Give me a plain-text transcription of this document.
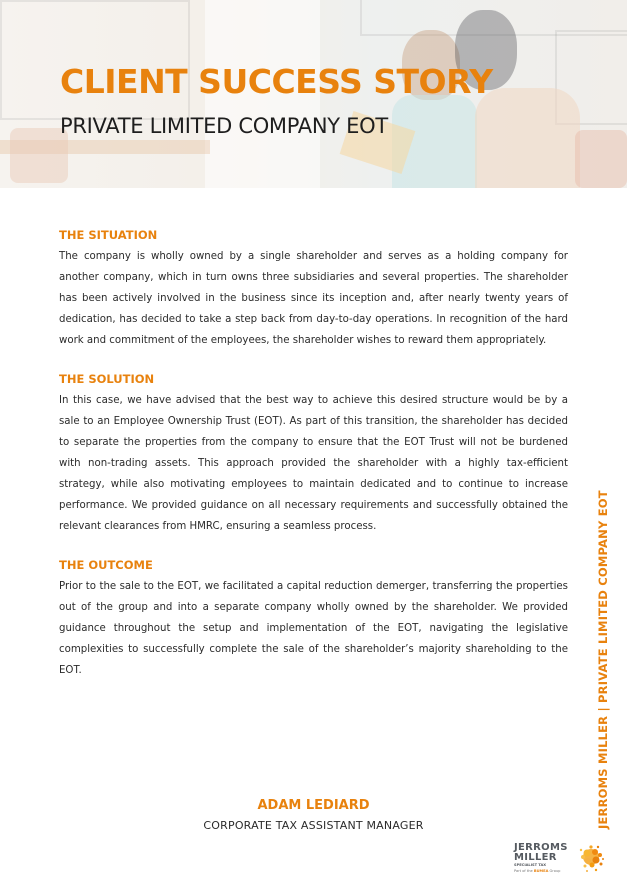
CLIENT SUCCESS STORY
PRIVATE LIMITED COMPANY EOT
THE SITUATION

The company is wholly owned by a single shareholder and serves as a holding company for another company, which in turn owns three subsidiaries and several properties. The shareholder has been actively involved in the business since its inception and, after nearly twenty years of dedication, has decided to take a step back from day-to-day operations. In recognition of the hard work and commitment of the employees, the shareholder wishes to reward them appropriately.

THE SOLUTION

In this case, we have advised that the best way to achieve this desired structure would be by a sale to an Employee Ownership Trust (EOT). As part of this transition, the shareholder has decided to separate the properties from the company to ensure that the EOT Trust will not be burdened with non-trading assets. This approach provided the shareholder with a highly tax-efficient strategy, while also motivating employees to maintain dedicated and to continue to increase performance. We provided guidance on all necessary requirements and successfully obtained the relevant clearances from HMRC, ensuring a seamless process.

THE OUTCOME

Prior to the sale to the EOT, we facilitated a capital reduction demerger, transferring the properties out of the group and into a separate company wholly owned by the shareholder. We provided guidance throughout the setup and implementation of the EOT, navigating the legislative complexities to successfully complete the sale of the shareholder’s majority shareholding to the EOT.

ADAM LEDIARD
CORPORATE TAX ASSISTANT MANAGER	JERROMS MILLER | PRIVATE LIMITED COMPANY EOT
JERROMS
MILLER
SPECIALIST TAX
Part of the BUMEA Group
